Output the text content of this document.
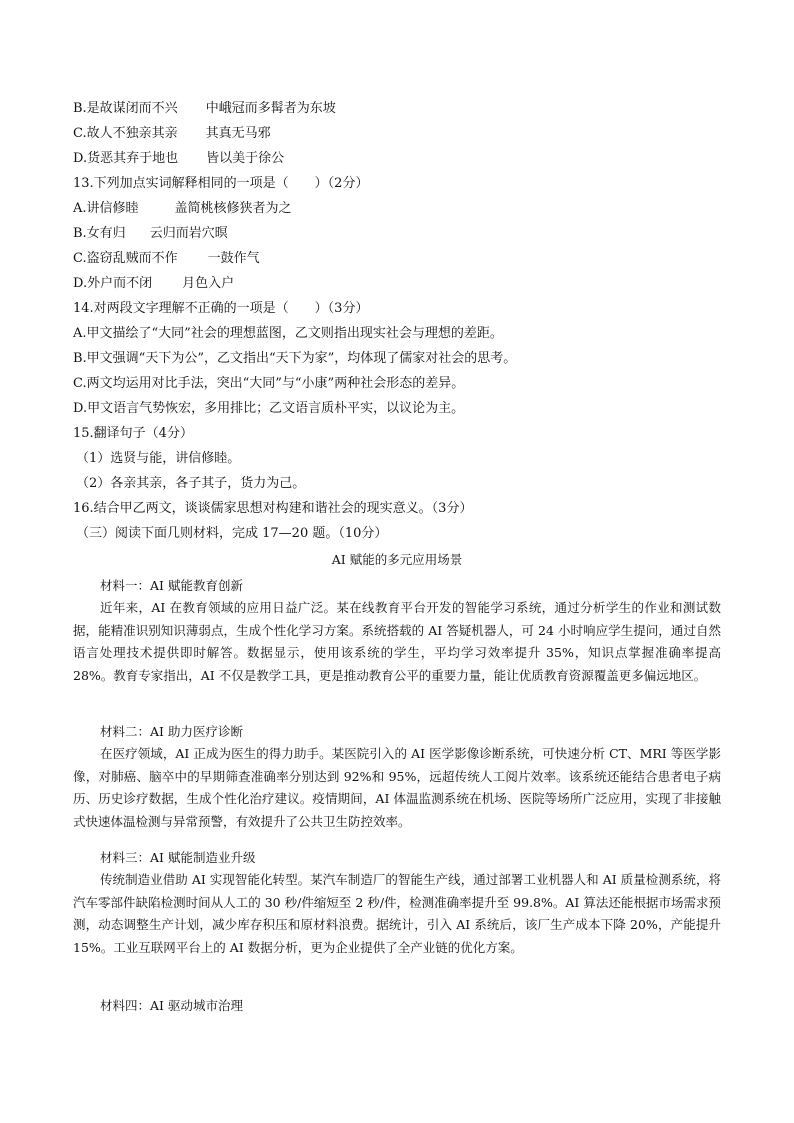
B.是故谋闭而不兴 中峨冠而多髯者为东坡
C.故人不独亲其亲 其真无马邪
D.货恶其弃于地也 皆以美于徐公
13.下列加点实词解释相同的一项是（　　）（2分）
A.讲信修睦	盖简桃核修狭者为之
B.女有归 云归而岩穴暝
C.盗窃乱贼而不作 一鼓作气
D.外户而不闭 月色入户
14.对两段文字理解不正确的一项是（　　）（3分）
A.甲文描绘了“大同”社会的理想蓝图，乙文则指出现实社会与理想的差距。
B.甲文强调“天下为公”，乙文指出“天下为家”，均体现了儒家对社会的思考。
C.两文均运用对比手法，突出“大同”与“小康”两种社会形态的差异。
D.甲文语言气势恢宏，多用排比；乙文语言质朴平实，以议论为主。
15.翻译句子（4分）
（1）选贤与能，讲信修睦。
（2）各亲其亲，各子其子，货力为己。
16.结合甲乙两文，谈谈儒家思想对构建和谐社会的现实意义。（3分）
（三）阅读下面几则材料，完成 17—20 题。（10分）
AI 赋能的多元应用场景
材料一：AI 赋能教育创新
近年来，AI 在教育领域的应用日益广泛。某在线教育平台开发的智能学习系统，通过分析学生的作业和测试数据，能精准识别知识薄弱点，生成个性化学习方案。系统搭载的 AI 答疑机器人，可 24 小时响应学生提问，通过自然语言处理技术提供即时解答。数据显示，使用该系统的学生，平均学习效率提升 35%，知识点掌握准确率提高 28%。教育专家指出，AI 不仅是教学工具，更是推动教育公平的重要力量，能让优质教育资源覆盖更多偏远地区。
材料二：AI 助力医疗诊断
在医疗领域，AI 正成为医生的得力助手。某医院引入的 AI 医学影像诊断系统，可快速分析 CT、MRI 等医学影像，对肺癌、脑卒中的早期筛查准确率分别达到 92%和 95%，远超传统人工阅片效率。该系统还能结合患者电子病历、历史诊疗数据，生成个性化治疗建议。疫情期间，AI 体温监测系统在机场、医院等场所广泛应用，实现了非接触式快速体温检测与异常预警，有效提升了公共卫生防控效率。
材料三：AI 赋能制造业升级
传统制造业借助 AI 实现智能化转型。某汽车制造厂的智能生产线，通过部署工业机器人和 AI 质量检测系统，将汽车零部件缺陷检测时间从人工的 30 秒/件缩短至 2 秒/件，检测准确率提升至 99.8%。AI 算法还能根据市场需求预测，动态调整生产计划，减少库存积压和原材料浪费。据统计，引入 AI 系统后，该厂生产成本下降 20%，产能提升 15%。工业互联网平台上的 AI 数据分析，更为企业提供了全产业链的优化方案。
材料四：AI 驱动城市治理
